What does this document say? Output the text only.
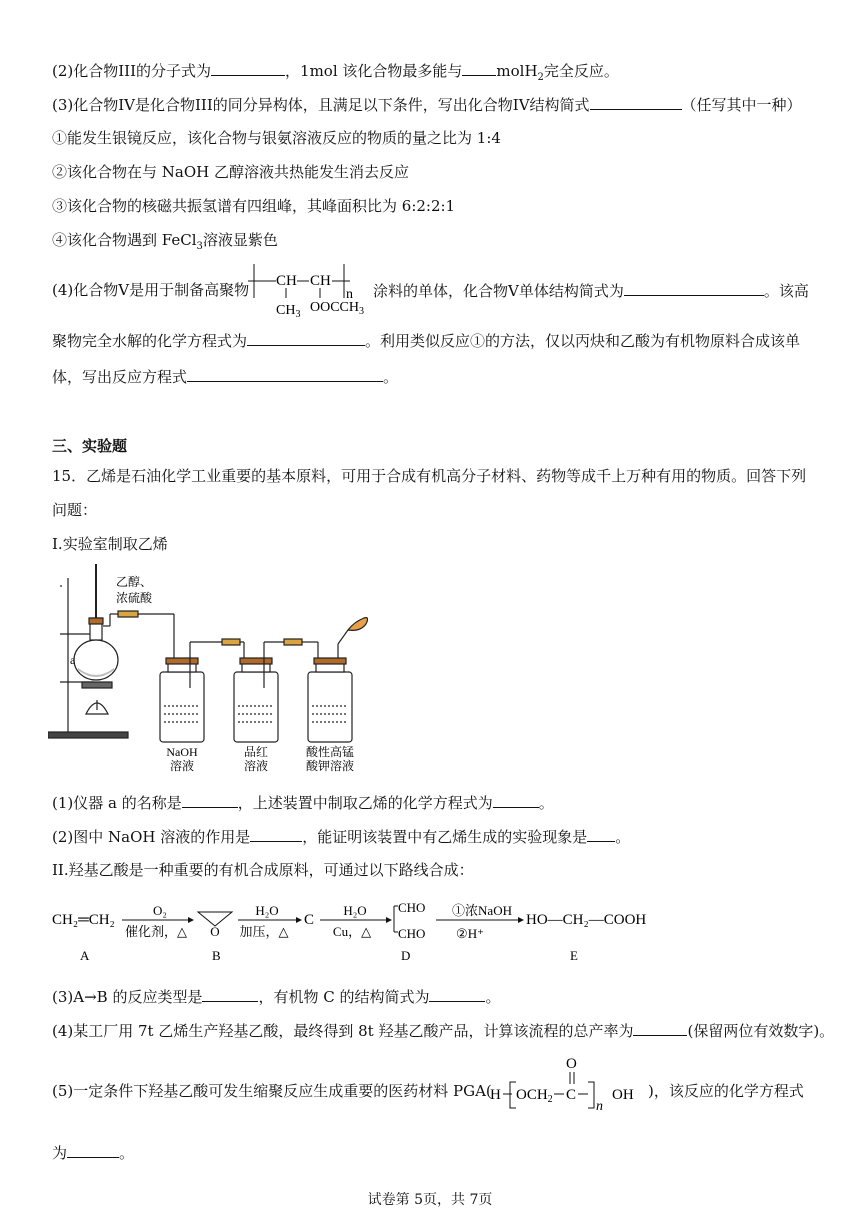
(2)化合物III的分子式为	，1mol 该化合物最多能与 molH$_2$完全反应。
(3)化合物IV是化合物III的同分异构体，且满足以下条件，写出化合物IV结构简式	（任写其中一种）
①能发生银镜反应，该化合物与银氨溶液反应的物质的量之比为 1:4
②该化合物在与 NaOH 乙醇溶液共热能发生消去反应
③该化合物的核磁共振氢谱有四组峰，其峰面积比为 6:2:2:1
④该化合物遇到 FeCl$_3$溶液显紫色
(4)化合物V是用于制备高聚物 CH CH
n
$CH_3$ $OOCCH_3$
涂料的单体，化合物V单体结构简式为	。该高
聚物完全水解的化学方程式为	。利用类似反应①的方法，仅以丙炔和乙酸为有机物原料合成该单
体，写出反应方程式	。
三、实验题
15．乙烯是石油化学工业重要的基本原料，可用于合成有机高分子材料、药物等成千上万种有用的物质。回答下列
问题：
I.实验室制取乙烯
乙醇、
浓硫酸
a
NaOH
溶液
品红
溶液
酸性高锰
酸钾溶液
(1)仪器 a 的名称是	，上述装置中制取乙烯的化学方程式为	。
(2)图中 NaOH 溶液的作用是	，能证明该装置中有乙烯生成的实验现象是 。
II.羟基乙酸是一种重要的有机合成原料，可通过以下路线合成：
CH₂═CH₂
O₂
催化剂，△ O
H₂O
加压，△
C
H₂O
Cu，△
CHO
CHO
①浓NaOH
②H⁺
HO—CH₂—COOH
A	B	D	E
(3)A→B 的反应类型是	，有机物 C 的结构简式为	。
(4)某工厂用 7t 乙烯生产羟基乙酸，最终得到 8t 羟基乙酸产品，计算该流程的总产率为	(保留两位有效数字)。
(5)一定条件下羟基乙酸可发生缩聚反应生成重要的医药材料 PGA(
H $OCH_2$ C
O
n
OH )，该反应的化学方程式
为	。
试卷第 5页，共 7页
